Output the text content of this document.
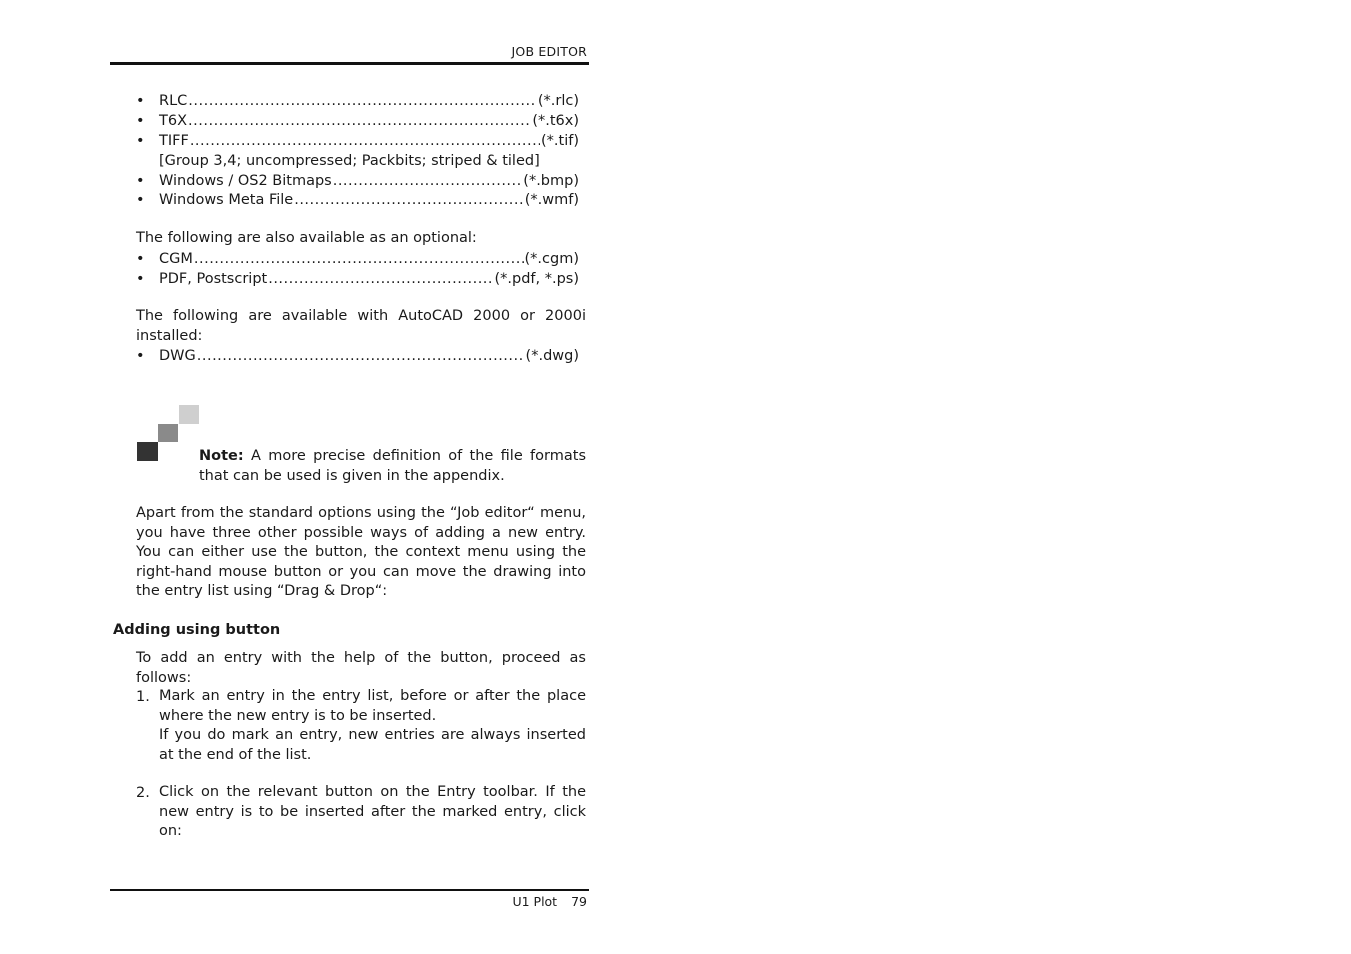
JOB EDITOR
• RLC .....	(*.rlc)
• T6X .....	(*.t6x)
• TIFF .....	(*.tif)
[Group 3,4; uncompressed; Packbits; striped & tiled]
• Windows / OS2 Bitmaps .....	(*.bmp)
• Windows Meta File .....	(*.wmf)
The following are also available as an optional:
• CGM .....	(*.cgm)
• PDF, Postscript .....	(*.pdf, *.ps)
The following are available with AutoCAD 2000 or 2000i installed:
• DWG .....	(*.dwg)
Note: A more precise definition of the file formats that can be used is given in the appendix.
Apart from the standard options using the “Job editor“ menu, you have three other possible ways of adding a new entry. You can either use the button, the context menu using the right-hand mouse button or you can move the drawing into the entry list using “Drag & Drop“:
Adding using button
To add an entry with the help of the button, proceed as follows:
1. Mark an entry in the entry list, before or after the place where the new entry is to be inserted.
If you do mark an entry, new entries are always inserted at the end of the list.
2. Click on the relevant button on the Entry toolbar. If the new entry is to be inserted after the marked entry, click on:
U1 Plot 79
